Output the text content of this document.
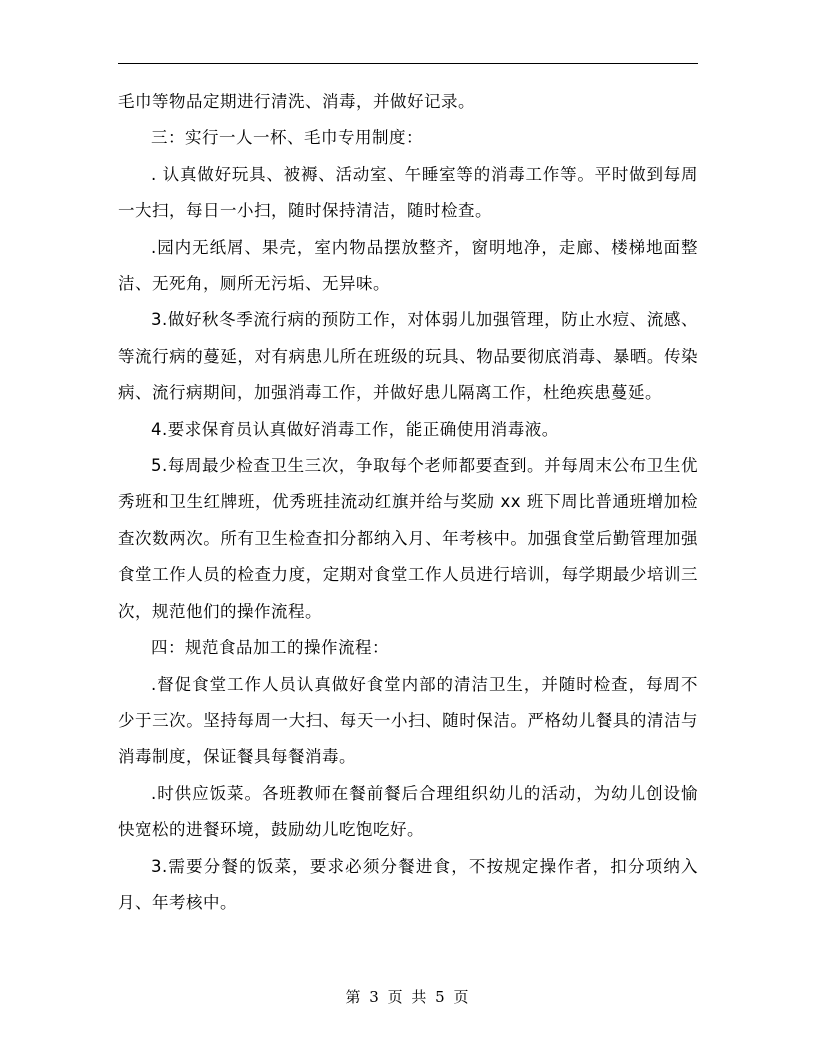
毛巾等物品定期进行清洗、消毒，并做好记录。

三：实行一人一杯、毛巾专用制度：

. 认真做好玩具、被褥、活动室、午睡室等的消毒工作等。平时做到每周一大扫，每日一小扫，随时保持清洁，随时检查。

.园内无纸屑、果壳，室内物品摆放整齐，窗明地净，走廊、楼梯地面整洁、无死角，厕所无污垢、无异味。

3.做好秋冬季流行病的预防工作，对体弱儿加强管理，防止水痘、流感、等流行病的蔓延，对有病患儿所在班级的玩具、物品要彻底消毒、暴晒。传染病、流行病期间，加强消毒工作，并做好患儿隔离工作，杜绝疾患蔓延。

4.要求保育员认真做好消毒工作，能正确使用消毒液。

5.每周最少检查卫生三次，争取每个老师都要查到。并每周末公布卫生优秀班和卫生红牌班，优秀班挂流动红旗并给与奖励 xx 班下周比普通班增加检查次数两次。所有卫生检查扣分都纳入月、年考核中。加强食堂后勤管理加强食堂工作人员的检查力度，定期对食堂工作人员进行培训，每学期最少培训三次，规范他们的操作流程。

四：规范食品加工的操作流程：

.督促食堂工作人员认真做好食堂内部的清洁卫生，并随时检查，每周不少于三次。坚持每周一大扫、每天一小扫、随时保洁。严格幼儿餐具的清洁与消毒制度，保证餐具每餐消毒。

.时供应饭菜。各班教师在餐前餐后合理组织幼儿的活动，为幼儿创设愉快宽松的进餐环境，鼓励幼儿吃饱吃好。

3.需要分餐的饭菜，要求必须分餐进食，不按规定操作者，扣分项纳入月、年考核中。

第 3 页 共 5 页
